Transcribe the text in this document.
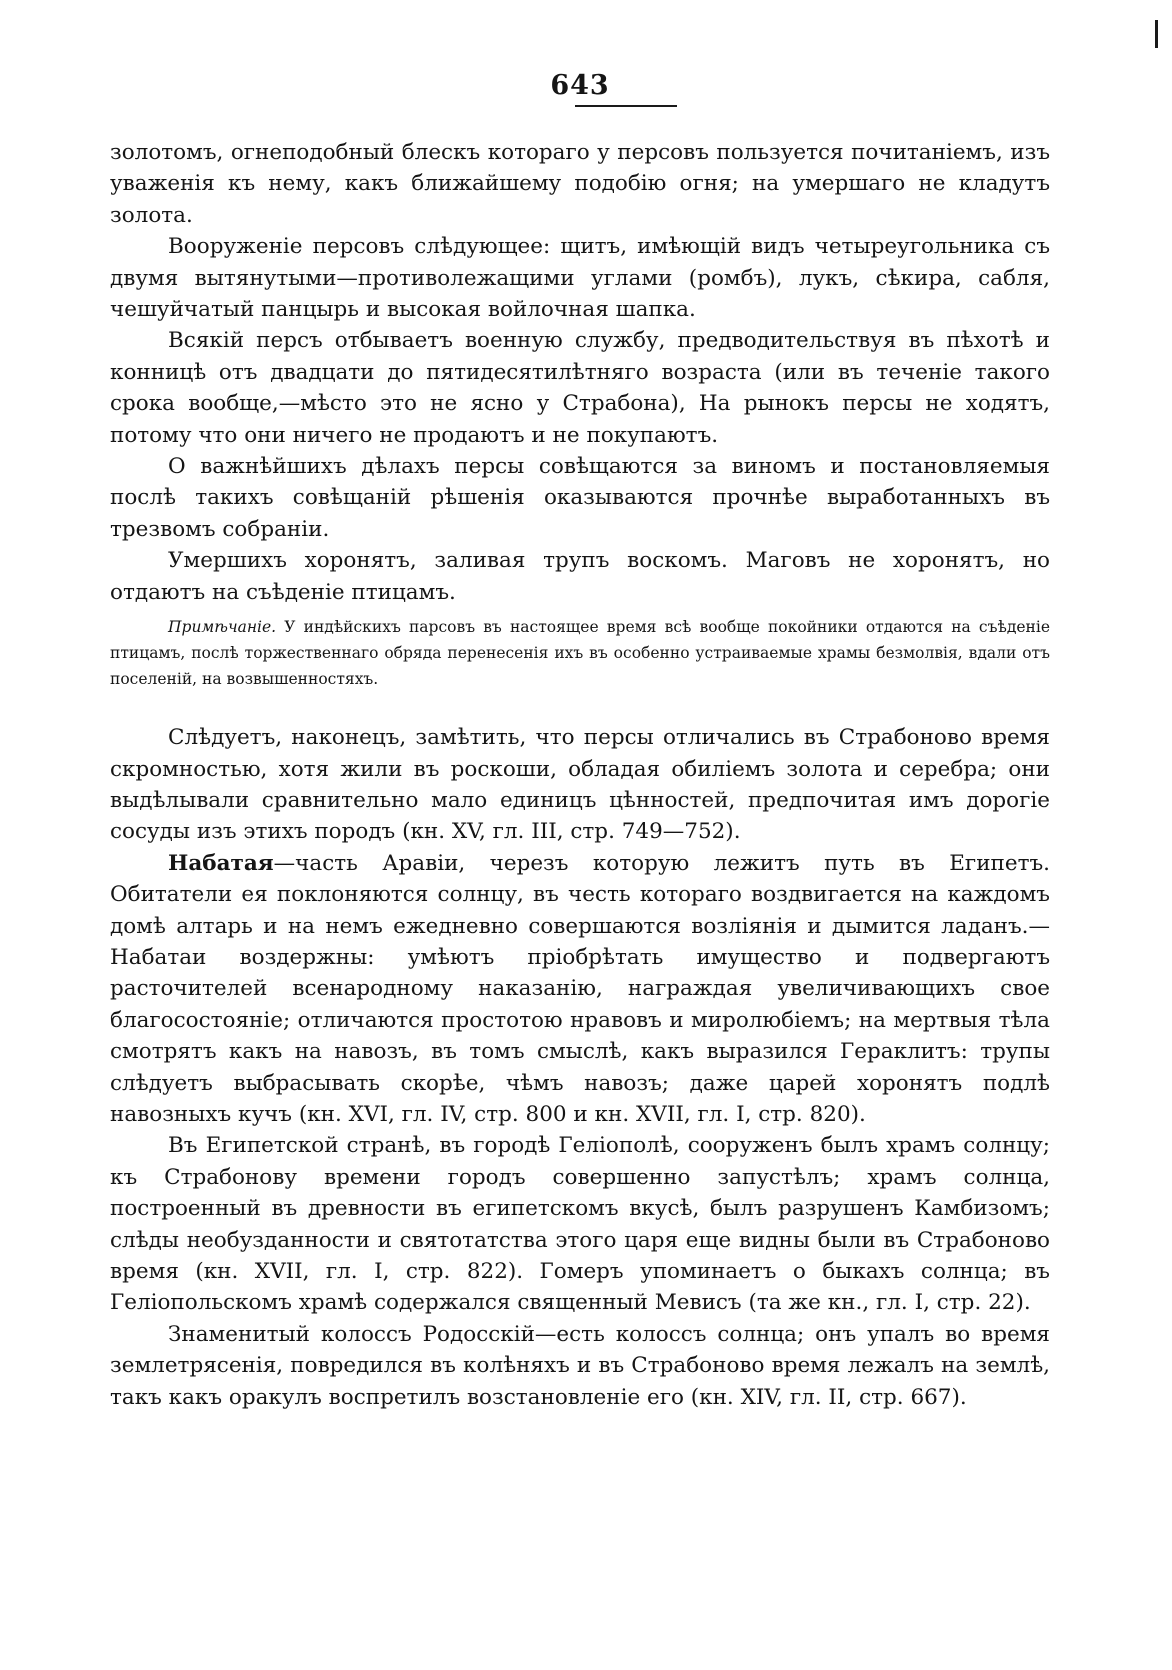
643

золотомъ, огнеподобный блескъ котораго у персовъ пользуется почитаніемъ, изъ уваженія къ нему, какъ ближайшему подобію огня; на умершаго не кладутъ золота.

Вооруженіе персовъ слѣдующее: щитъ, имѣющій видъ четыреугольника съ двумя вытянутыми—противолежащими углами (ромбъ), лукъ, сѣкира, сабля, чешуйчатый панцырь и высокая войлочная шапка.

Всякій персъ отбываетъ военную службу, предводительствуя въ пѣхотѣ и конницѣ отъ двадцати до пятидесятилѣтняго возраста (или въ теченіе такого срока вообще,—мѣсто это не ясно у Страбона), На рынокъ персы не ходятъ, потому что они ничего не продаютъ и не покупаютъ.

О важнѣйшихъ дѣлахъ персы совѣщаются за виномъ и постановляемыя послѣ такихъ совѣщаній рѣшенія оказываются прочнѣе выработанныхъ въ трезвомъ собраніи.

Умершихъ хоронятъ, заливая трупъ воскомъ. Маговъ не хоронятъ, но отдаютъ на съѣденіе птицамъ.

Примѣчаніе. У индѣйскихъ парсовъ въ настоящее время всѣ вообще покойники отдаются на съѣденіе птицамъ, послѣ торжественнаго обряда перенесенія ихъ въ особенно устраиваемые храмы безмолвія, вдали отъ поселеній, на возвышенностяхъ.

Слѣдуетъ, наконецъ, замѣтить, что персы отличались въ Страбоново время скромностью, хотя жили въ роскоши, обладая обиліемъ золота и серебра; они выдѣлывали сравнительно мало единицъ цѣнностей, предпочитая имъ дорогіе сосуды изъ этихъ породъ (кн. XV, гл. III, стр. 749—752).

Набатая—часть Аравіи, черезъ которую лежитъ путь въ Египетъ. Обитатели ея поклоняются солнцу, въ честь котораго воздвигается на каждомъ домѣ алтарь и на немъ ежедневно совершаются возліянія и дымится ладанъ.—Набатаи воздержны: умѣютъ пріобрѣтать имущество и подвергаютъ расточителей всенародному наказанію, награждая увеличивающихъ свое благосостояніе; отличаются простотою нравовъ и миролюбіемъ; на мертвыя тѣла смотрятъ какъ на навозъ, въ томъ смыслѣ, какъ выразился Гераклитъ: трупы слѣдуетъ выбрасывать скорѣе, чѣмъ навозъ; даже царей хоронятъ подлѣ навозныхъ кучъ (кн. XVI, гл. IV, стр. 800 и кн. XVII, гл. I, стр. 820).

Въ Египетской странѣ, въ городѣ Геліополѣ, сооруженъ былъ храмъ солнцу; къ Страбонову времени городъ совершенно запустѣлъ; храмъ солнца, построенный въ древности въ египетскомъ вкусѣ, былъ разрушенъ Камбизомъ; слѣды необузданности и святотатства этого царя еще видны были въ Страбоново время (кн. XVII, гл. I, стр. 822). Гомеръ упоминаетъ о быкахъ солнца; въ Геліопольскомъ храмѣ содержался священный Мевисъ (та же кн., гл. I, стр. 22).

Знаменитый колоссъ Родосскій—есть колоссъ солнца; онъ упалъ во время землетрясенія, повредился въ колѣняхъ и въ Страбоново время лежалъ на землѣ, такъ какъ оракулъ воспретилъ возстановленіе его (кн. XIV, гл. II, стр. 667).
